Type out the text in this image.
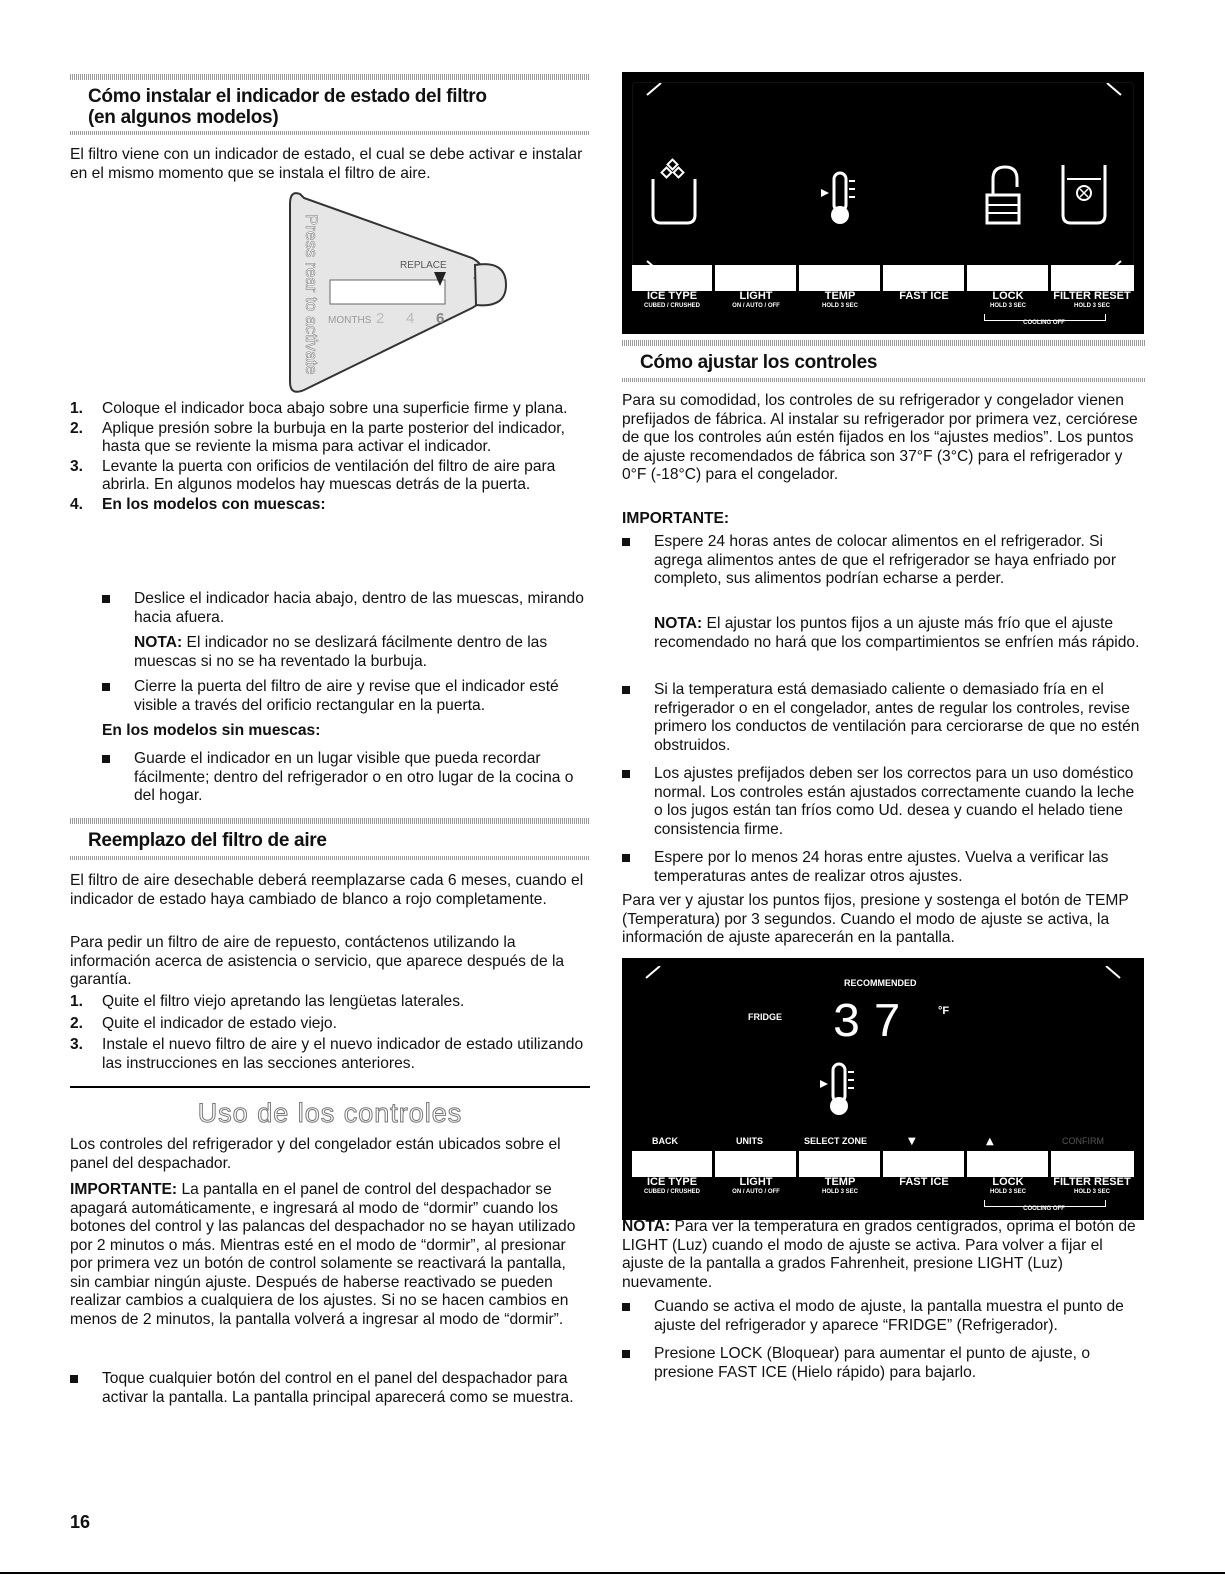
Cómo instalar el indicador de estado del filtro
(en algunos modelos)

El filtro viene con un indicador de estado, el cual se debe activar e instalar en el mismo momento que se instala el filtro de aire.

REPLACE
MONTHS 2 4 6
Press rear to activate
1. Coloque el indicador boca abajo sobre una superficie firme y plana.
2. Aplique presión sobre la burbuja en la parte posterior del indicador, hasta que se reviente la misma para activar el indicador.
3. Levante la puerta con orificios de ventilación del filtro de aire para abrirla. En algunos modelos hay muescas detrás de la puerta.
4. En los modelos con muescas:
Deslice el indicador hacia abajo, dentro de las muescas, mirando hacia afuera.

NOTA: El indicador no se deslizará fácilmente dentro de las muescas si no se ha reventado la burbuja.

Cierre la puerta del filtro de aire y revise que el indicador esté visible a través del orificio rectangular en la puerta.

En los modelos sin muescas:

Guarde el indicador en un lugar visible que pueda recordar fácilmente; dentro del refrigerador o en otro lugar de la cocina o del hogar.
Reemplazo del filtro de aire

El filtro de aire desechable deberá reemplazarse cada 6 meses, cuando el indicador de estado haya cambiado de blanco a rojo completamente.

Para pedir un filtro de aire de repuesto, contáctenos utilizando la información acerca de asistencia o servicio, que aparece después de la garantía.

1. Quite el filtro viejo apretando las lengüetas laterales.
2. Quite el indicador de estado viejo.
3. Instale el nuevo filtro de aire y el nuevo indicador de estado utilizando las instrucciones en las secciones anteriores.
Uso de los controles

Los controles del refrigerador y del congelador están ubicados sobre el panel del despachador.

IMPORTANTE: La pantalla en el panel de control del despachador se apagará automáticamente, e ingresará al modo de “dormir” cuando los botones del control y las palancas del despachador no se hayan utilizado por 2 minutos o más. Mientras esté en el modo de “dormir”, al presionar por primera vez un botón de control solamente se reactivará la pantalla, sin cambiar ningún ajuste. Después de haberse reactivado se pueden realizar cambios a cualquiera de los ajustes. Si no se hacen cambios en menos de 2 minutos, la pantalla volverá a ingresar al modo de “dormir”.

Toque cualquier botón del control en el panel del despachador para activar la pantalla. La pantalla principal aparecerá como se muestra.
ICE TYPE
CUBED / CRUSHED
LIGHT
ON / AUTO / OFF
TEMP
HOLD 3 SEC
FAST ICE	LOCK
HOLD 3 SEC
FILTER RESET
HOLD 3 SEC
COOLING OFF
Cómo ajustar los controles

Para su comodidad, los controles de su refrigerador y congelador vienen prefijados de fábrica. Al instalar su refrigerador por primera vez, cerciórese de que los controles aún estén fijados en los “ajustes medios”. Los puntos de ajuste recomendados de fábrica son 37°F (3°C) para el refrigerador y 0°F (-18°C) para el congelador.

IMPORTANTE:

Espere 24 horas antes de colocar alimentos en el refrigerador. Si agrega alimentos antes de que el refrigerador se haya enfriado por completo, sus alimentos podrían echarse a perder.

NOTA: El ajustar los puntos fijos a un ajuste más frío que el ajuste recomendado no hará que los compartimientos se enfríen más rápido.

Si la temperatura está demasiado caliente o demasiado fría en el refrigerador o en el congelador, antes de regular los controles, revise primero los conductos de ventilación para cerciorarse de que no estén obstruidos.
Los ajustes prefijados deben ser los correctos para un uso doméstico normal. Los controles están ajustados correctamente cuando la leche o los jugos están tan fríos como Ud. desea y cuando el helado tiene consistencia firme.
Espere por lo menos 24 horas entre ajustes. Vuelva a verificar las temperaturas antes de realizar otros ajustes.

Para ver y ajustar los puntos fijos, presione y sostenga el botón de TEMP (Temperatura) por 3 segundos. Cuando el modo de ajuste se activa, la información de ajuste aparecerán en la pantalla.

RECOMMENDED
FRIDGE 37 °F
BACK	UNITS	SELECT ZONE	▼	▲	CONFIRM
ICE TYPE
CUBED / CRUSHED
LIGHT
ON / AUTO / OFF
TEMP
HOLD 3 SEC
FAST ICE	LOCK
HOLD 3 SEC
FILTER RESET
HOLD 3 SEC
COOLING OFF

NOTA: Para ver la temperatura en grados centígrados, oprima el botón de LIGHT (Luz) cuando el modo de ajuste se activa. Para volver a fijar el ajuste de la pantalla a grados Fahrenheit, presione LIGHT (Luz) nuevamente.

Cuando se activa el modo de ajuste, la pantalla muestra el punto de ajuste del refrigerador y aparece “FRIDGE” (Refrigerador).
Presione LOCK (Bloquear) para aumentar el punto de ajuste, o presione FAST ICE (Hielo rápido) para bajarlo.
16
